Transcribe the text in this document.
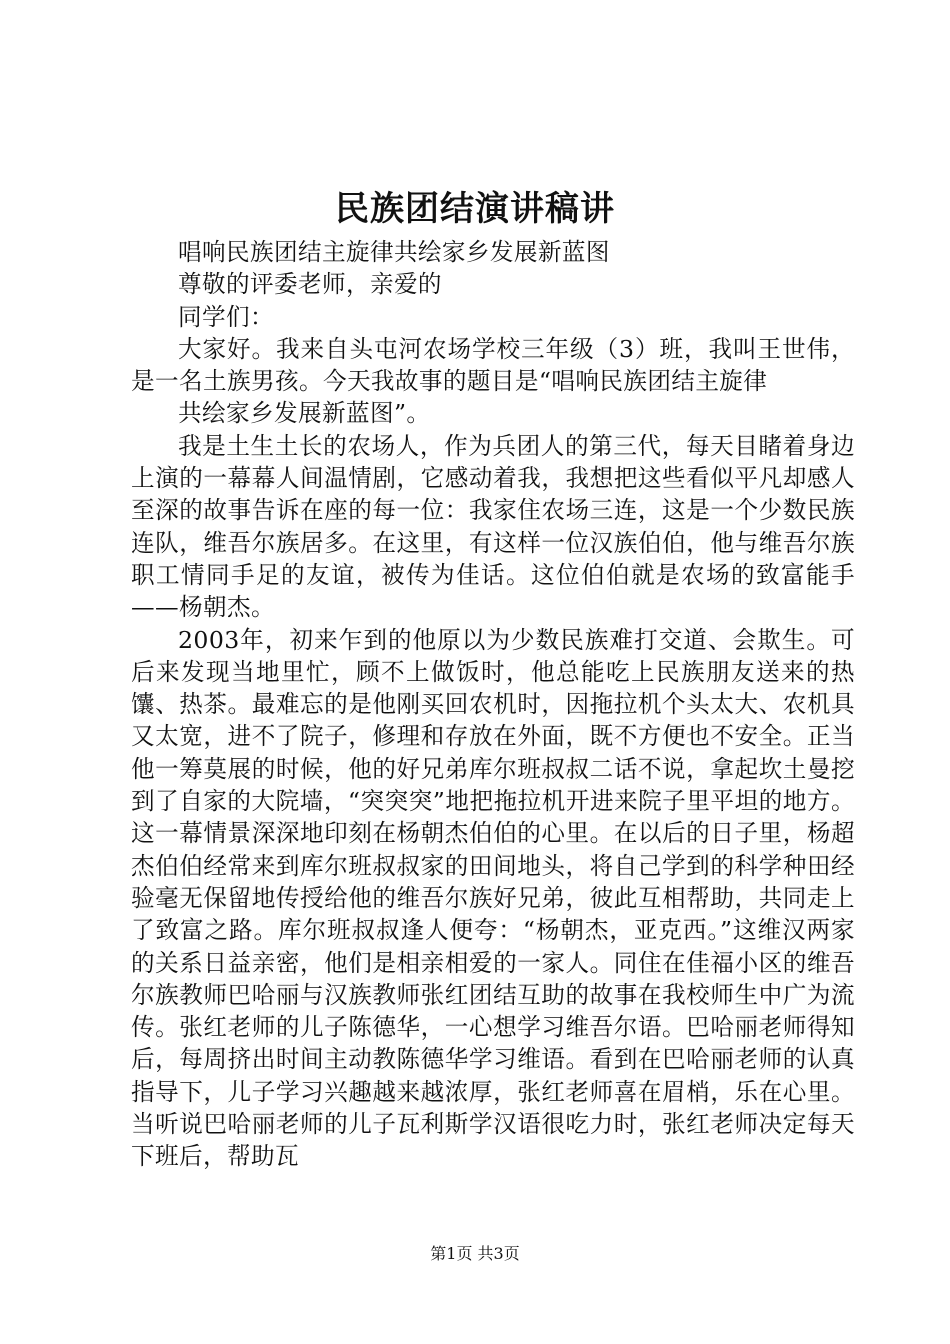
民族团结演讲稿讲

唱响民族团结主旋律共绘家乡发展新蓝图

尊敬的评委老师，亲爱的

同学们：

大家好。我来自头屯河农场学校三年级（3）班，我叫王世伟，是一名土族男孩。今天我故事的题目是“唱响民族团结主旋律

共绘家乡发展新蓝图”。

我是土生土长的农场人，作为兵团人的第三代，每天目睹着身边上演的一幕幕人间温情剧，它感动着我，我想把这些看似平凡却感人至深的故事告诉在座的每一位：我家住农场三连，这是一个少数民族连队，维吾尔族居多。在这里，有这样一位汉族伯伯，他与维吾尔族职工情同手足的友谊，被传为佳话。这位伯伯就是农场的致富能手——杨朝杰。

2003年，初来乍到的他原以为少数民族难打交道、会欺生。可后来发现当地里忙，顾不上做饭时，他总能吃上民族朋友送来的热馕、热茶。最难忘的是他刚买回农机时，因拖拉机个头太大、农机具又太宽，进不了院子，修理和存放在外面，既不方便也不安全。正当他一筹莫展的时候，他的好兄弟库尔班叔叔二话不说，拿起坎土曼挖到了自家的大院墙，“突突突”地把拖拉机开进来院子里平坦的地方。这一幕情景深深地印刻在杨朝杰伯伯的心里。在以后的日子里，杨超杰伯伯经常来到库尔班叔叔家的田间地头，将自己学到的科学种田经验毫无保留地传授给他的维吾尔族好兄弟，彼此互相帮助，共同走上了致富之路。库尔班叔叔逢人便夸：“杨朝杰，亚克西。”这维汉两家的关系日益亲密，他们是相亲相爱的一家人。同住在佳福小区的维吾尔族教师巴哈丽与汉族教师张红团结互助的故事在我校师生中广为流传。张红老师的儿子陈德华，一心想学习维吾尔语。巴哈丽老师得知后，每周挤出时间主动教陈德华学习维语。看到在巴哈丽老师的认真指导下，儿子学习兴趣越来越浓厚，张红老师喜在眉梢，乐在心里。当听说巴哈丽老师的儿子瓦利斯学汉语很吃力时，张红老师决定每天下班后，帮助瓦

第1页 共3页
